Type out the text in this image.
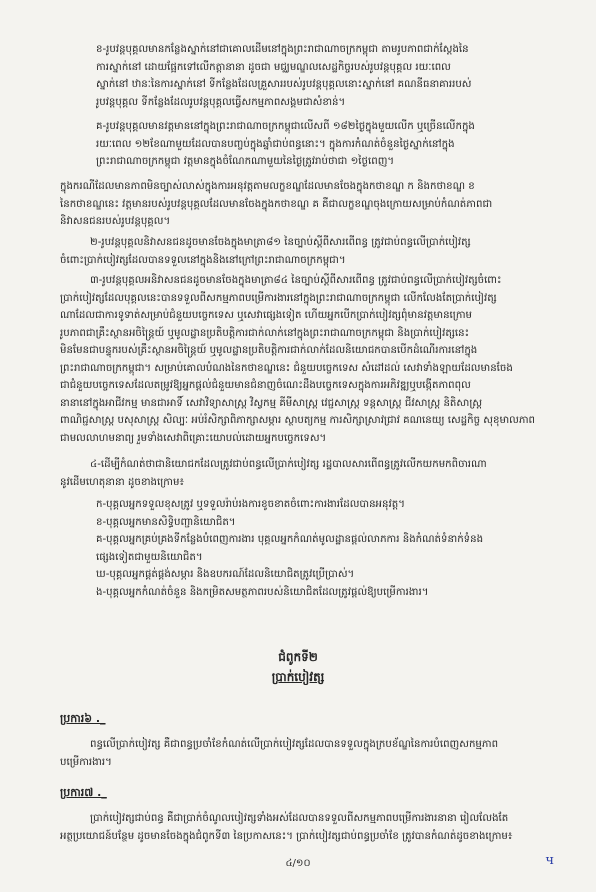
ខ-រូបវន្តបុគ្គលមានកន្លែងស្នាក់នៅជាគោលដើមនៅក្នុងព្រះរាជាណាចក្រកម្ពុជា តាមរូបភាពជាក់ស្ដែងនៃ
ការស្នាក់នៅ ដោយផ្អែកទៅលើកត្តានានា ដូចជា មជ្ឈមណ្ឌលសេដ្ឋកិច្ចរបស់រូបវន្តបុគ្គល រយៈពេល
ស្នាក់នៅ ឋានៈនៃការស្នាក់នៅ ទីកន្លែងដែលគ្រួសាររបស់រូបវន្តបុគ្គលនោះស្នាក់នៅ គណនីធនាគាររបស់
រូបវន្តបុគ្គល ទីកន្លែងដែលរូបវន្តបុគ្គលធ្វើសកម្មភាពសង្គមជាសំខាន់។
គ-រូបវន្តបុគ្គលមានវត្តមាននៅក្នុងព្រះរាជាណាចក្រកម្ពុជាលើសពី ១៨២ថ្ងៃក្នុងមួយលើក ឬច្រើនលើកក្នុង
រយៈពេល ១២ខែណាមួយដែលបានបញ្ចប់ក្នុងឆ្នាំជាប់ពន្ធនោះ។ ក្នុងការកំណត់ចំនួនថ្ងៃស្នាក់នៅក្នុង
ព្រះរាជាណាចក្រកម្ពុជា វត្តមានក្នុងចំណែកណាមួយនៃថ្ងៃត្រូវរាប់ថាជា ១ថ្ងៃពេញ។
ក្នុងករណីដែលមានភាពមិនច្បាស់លាស់ក្នុងការអនុវត្តតាមលក្ខខណ្ឌដែលមានចែងក្នុងកថាខណ្ឌ ក និងកថាខណ្ឌ ខ
នៃកថាខណ្ឌនេះ វត្តមានរបស់រូបវន្តបុគ្គលដែលមានចែងក្នុងកថាខណ្ឌ គ គឺជាលក្ខខណ្ឌចុងក្រោយសម្រាប់កំណត់ភាពជា
និវាសនជនរបស់រូបវន្តបុគ្គល។
២-រូបវន្តបុគ្គលនិវាសនជនដូចមានចែងក្នុងមាត្រា៨១ នៃច្បាប់ស្ដីពីសារពើពន្ធ ត្រូវជាប់ពន្ធលើប្រាក់បៀវត្ស
ចំពោះប្រាក់បៀវត្សដែលបានទទួលនៅក្នុងនិងនៅក្រៅព្រះរាជាណាចក្រកម្ពុជា។
៣-រូបវន្តបុគ្គលអនិវាសនជនដូចមានចែងក្នុងមាត្រា៨៤ នៃច្បាប់ស្ដីពីសារពើពន្ធ ត្រូវជាប់ពន្ធលើប្រាក់បៀវត្សចំពោះ
ប្រាក់បៀវត្សដែលបុគ្គលនេះបានទទួលពីសកម្មភាពបម្រើការងារនៅក្នុងព្រះរាជាណាចក្រកម្ពុជា លើកលែងតែប្រាក់បៀវត្ស
ណាដែលជាការទូទាត់សម្រាប់ជំនួយបច្ចេកទេស ឬសេវាផ្សេងទៀត ហើយអ្នកបើកប្រាក់បៀវត្សពុំមានវត្តមានក្រោម
រូបភាពជាគ្រឹះស្ថានអចិន្ត្រៃយ៍ ឬមូលដ្ឋានប្រតិបត្តិការជាក់លាក់នៅក្នុងព្រះរាជាណាចក្រកម្ពុជា និងប្រាក់បៀវត្សនេះ
មិនមែនជាបន្ទុករបស់គ្រឹះស្ថានអចិន្ត្រៃយ៍ ឬមូលដ្ឋានប្រតិបត្តិការជាក់លាក់ដែលនិយោជកបានបើកដំណើរការនៅក្នុង
ព្រះរាជាណាចក្រកម្ពុជា។ សម្រាប់គោលបំណងនៃកថាខណ្ឌនេះ ជំនួយបច្ចេកទេស សំដៅដល់ សេវាទាំងឡាយដែលមានចែង
ជាជំនួយបច្ចេកទេសដែលតម្រូវឱ្យអ្នកផ្ដល់ជំនួយមានជំនាញចំណេះដឹងបច្ចេកទេសក្នុងការអភិវឌ្ឍឬបង្កើតភាពពុល
នានានៅក្នុងអាជីវកម្ម មានជាអាទិ៍ សេវាវិទ្យាសាស្ត្រ វិស្វកម្ម គីមីសាស្ត្រ វេជ្ជសាស្ត្រ ទន្តសាស្ត្រ ជីវសាស្ត្រ និតិសាស្ត្រ
ពាណិជ្ជសាស្ត្រ បសុសាស្ត្រ សិល្បៈ អប់រំសិក្សាពិភាក្សាសម្ភារ ស្ថាបត្យកម្ម ការសិក្សាស្រាវជ្រាវ គណនេយ្យ សេដ្ឋកិច្ច សុខុមាលភាព
ជាមលលាហមនាព្យ រួមទាំងសេវាពិគ្រោះយោបល់ដោយអ្នកបច្ចេកទេស។
៤-ដើម្បីកំណត់ថាជានិយោជកដែលត្រូវជាប់ពន្ធលើប្រាក់បៀវត្ស រដ្ឋបាលសារពើពន្ធត្រូវលើកយកមកពិចារណា
នូវដើមហេតុនានា ដូចខាងក្រោម៖
ក-បុគ្គលអ្នកទទួលខុសត្រូវ ឬទទួលរ៉ាប់រងការខូចខាតចំពោះការងារដែលបានអនុវត្ត។
ខ-បុគ្គលអ្នកមានសិទ្ធិបញ្ជានិយោជិត។
គ-បុគ្គលអ្នកគ្រប់គ្រងទីកន្លែងបំពេញការងារ បុគ្គលអ្នកកំណត់មូលដ្ឋានផ្ដល់លាភការ និងកំណត់ទំនាក់ទំនង
ផ្សេងទៀតជាមួយនិយោជិត។
ឃ-បុគ្គលអ្នកផ្គត់ផ្គង់សម្ភារ និងឧបករណ៍ដែលនិយោជិតត្រូវប្រើប្រាស់។
ង-បុគ្គលអ្នកកំណត់ចំនួន និងកម្រិតសមត្ថភាពរបស់និយោជិតដែលត្រូវផ្ដល់ឱ្យបម្រើការងារ។
ជំពូកទី២
ប្រាក់បៀវត្ស
ប្រការ៦ ._
ពន្ធលើប្រាក់បៀវត្ស គឺជាពន្ធប្រចាំខែកំណត់លើប្រាក់បៀវត្សដែលបានទទួលក្នុងក្របខ័ណ្ឌនៃការបំពេញសកម្មភាព
បម្រើការងារ។
ប្រការ៧ ._
ប្រាក់បៀវត្សជាប់ពន្ធ គឺជាប្រាក់ចំណូលបៀវត្សទាំងអស់ដែលបានទទួលពីសកម្មភាពបម្រើការងារនានា រៀលលែងតែ
អត្ថប្រយោជន៍បន្ថែម ដូចមានចែងក្នុងជំពូកទី៣ នៃប្រកាសនេះ។ ប្រាក់បៀវត្សជាប់ពន្ធប្រចាំខែ ត្រូវបានកំណត់ដូចខាងក្រោម៖
៤/១០	ч
